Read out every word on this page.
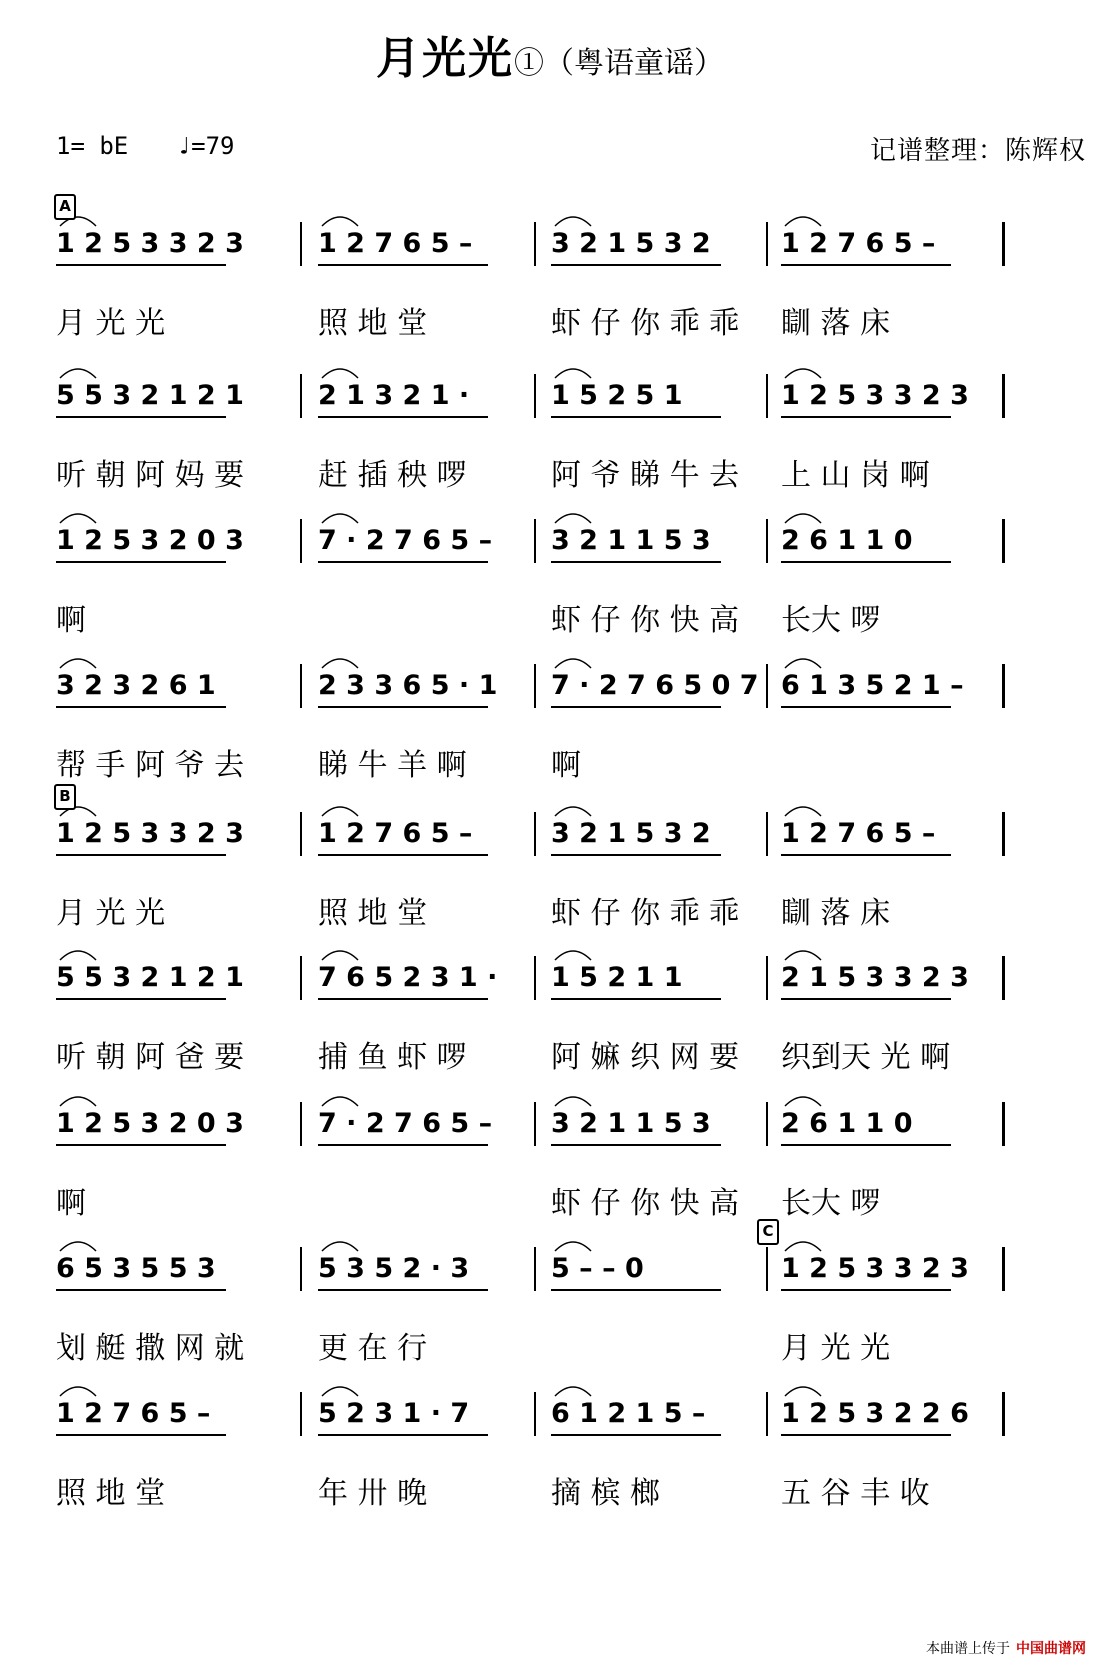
月光光①（粤语童谣）
1= bE ♩=79	记谱整理：陈辉权
1 2 5 3 3 2 3	1 2 7 6 5 –	3 2 1 5 3 2	1 2 7 6 5 –
A
月 光 光	照 地 堂	虾 仔 你 乖 乖 瞓 落 床
5 5 3 2 1 2 1	2 1 3 2 1 ·	1 5 2 5 1	1 2 5 3 3 2 3
听 朝 阿 妈 要 赶 插 秧 啰	阿 爷 睇 牛 去 上 山 岗 啊
1 2 5 3 2 0 3	7 · 2 7 6 5 – 3 2 1 1 5 3	2 6 1 1 0
啊	虾 仔 你 快 高 长大 啰
3 2 3 2 6 1	2 3 3 6 5 · 1 7 · 2 7 6 5 0 7 6 1 3 5 2 1 –
帮 手 阿 爷 去 睇 牛 羊 啊	啊
1 2 5 3 3 2 3	1 2 7 6 5 –	3 2 1 5 3 2	1 2 7 6 5 –
B
月 光 光	照 地 堂	虾 仔 你 乖 乖 瞓 落 床
5 5 3 2 1 2 1	7 6 5 2 3 1 · 1 5 2 1 1	2 1 5 3 3 2 3
听 朝 阿 爸 要 捕 鱼 虾 啰	阿 嫲 织 网 要 织到天 光 啊
1 2 5 3 2 0 3	7 · 2 7 6 5 – 3 2 1 1 5 3	2 6 1 1 0
啊	虾 仔 你 快 高 长大 啰
6 5 3 5 5 3	5 3 5 2 · 3	5 – – 0	1 2 5 3 3 2 3
C
划 艇 撒 网 就 更 在 行	月 光 光
1 2 7 6 5 –	5 2 3 1 · 7	6 1 2 1 5 –	1 2 5 3 2 2 6
照 地 堂	年 卅 晚	摘 槟 榔	五 谷 丰 收
本曲谱上传于 中国曲谱网
